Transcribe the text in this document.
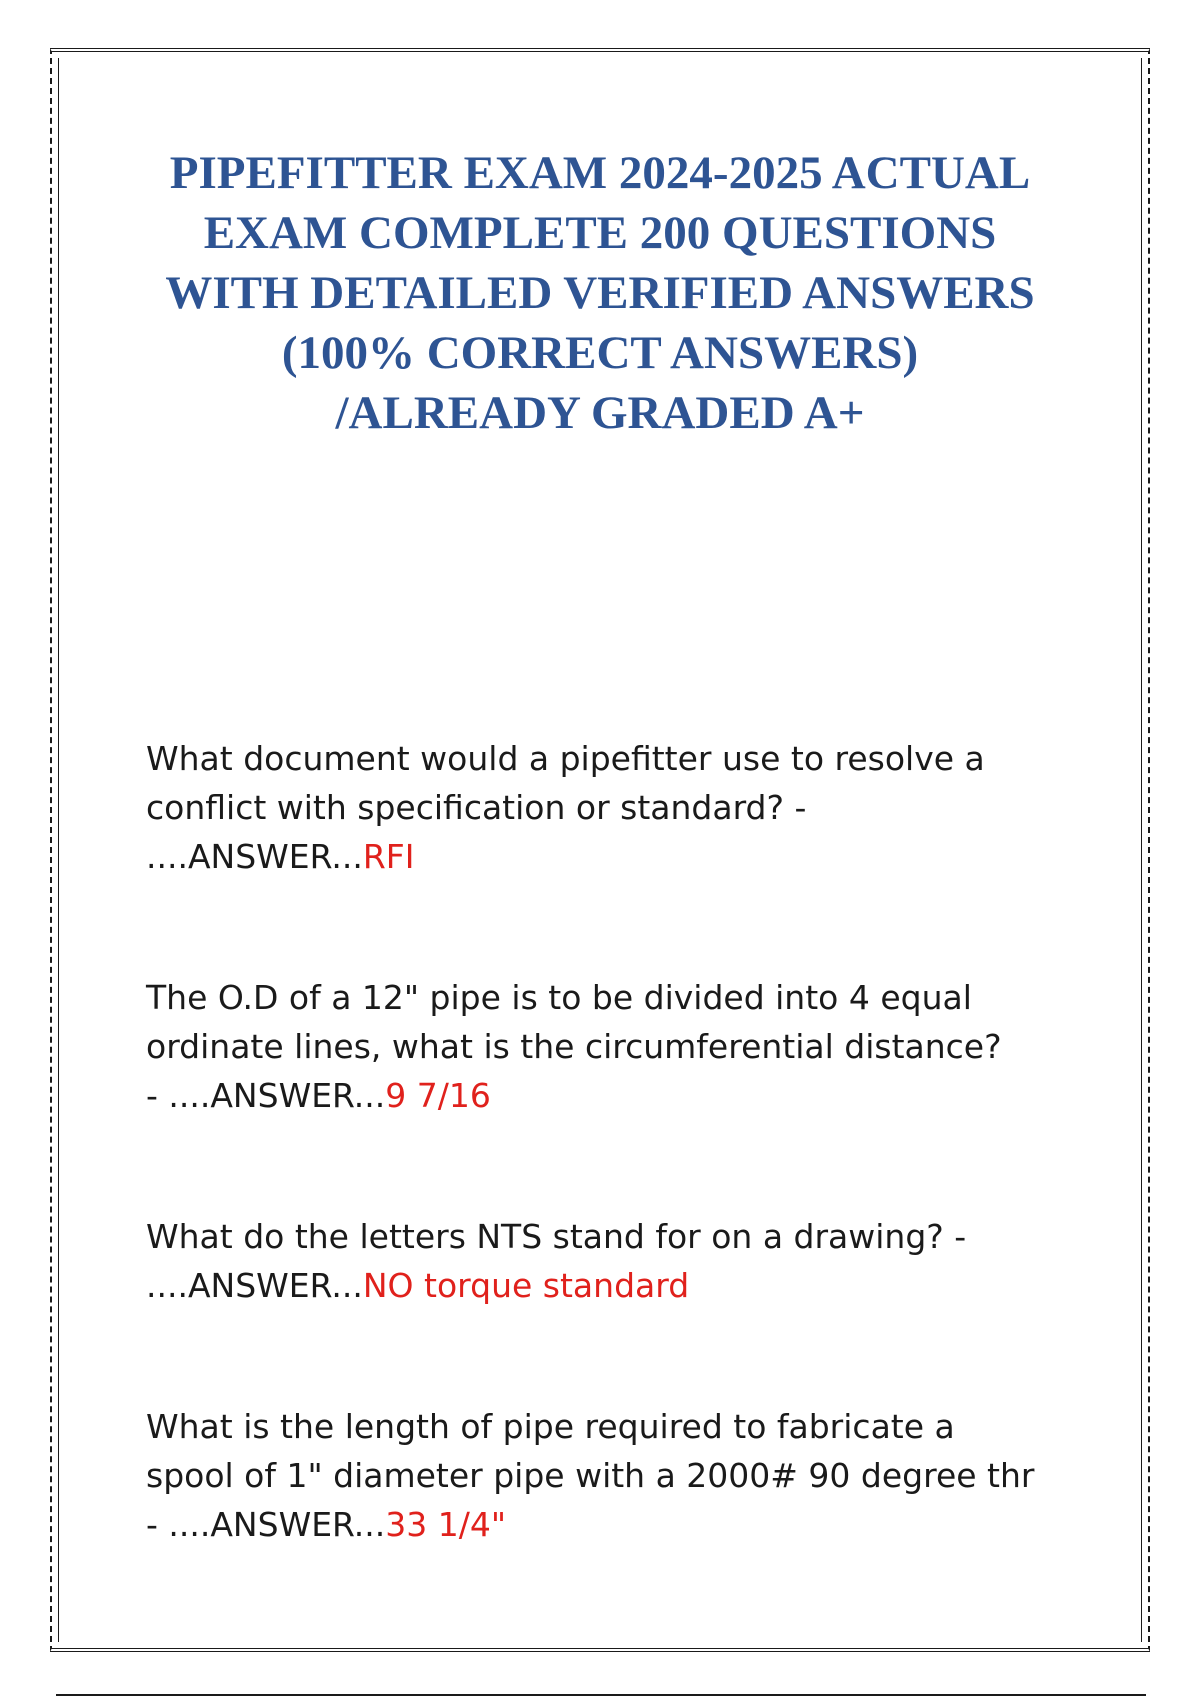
PIPEFITTER EXAM 2024-2025 ACTUAL
EXAM COMPLETE 200 QUESTIONS
WITH DETAILED VERIFIED ANSWERS
(100% CORRECT ANSWERS)
/ALREADY GRADED A+
What document would a pipefitter use to resolve a
conflict with specification or standard? -
....ANSWER...RFI
The O.D of a 12" pipe is to be divided into 4 equal
ordinate lines, what is the circumferential distance?
- ....ANSWER...9 7/16
What do the letters NTS stand for on a drawing? -
....ANSWER...NO torque standard
What is the length of pipe required to fabricate a
spool of 1" diameter pipe with a 2000# 90 degree thr
- ....ANSWER...33 1/4"
